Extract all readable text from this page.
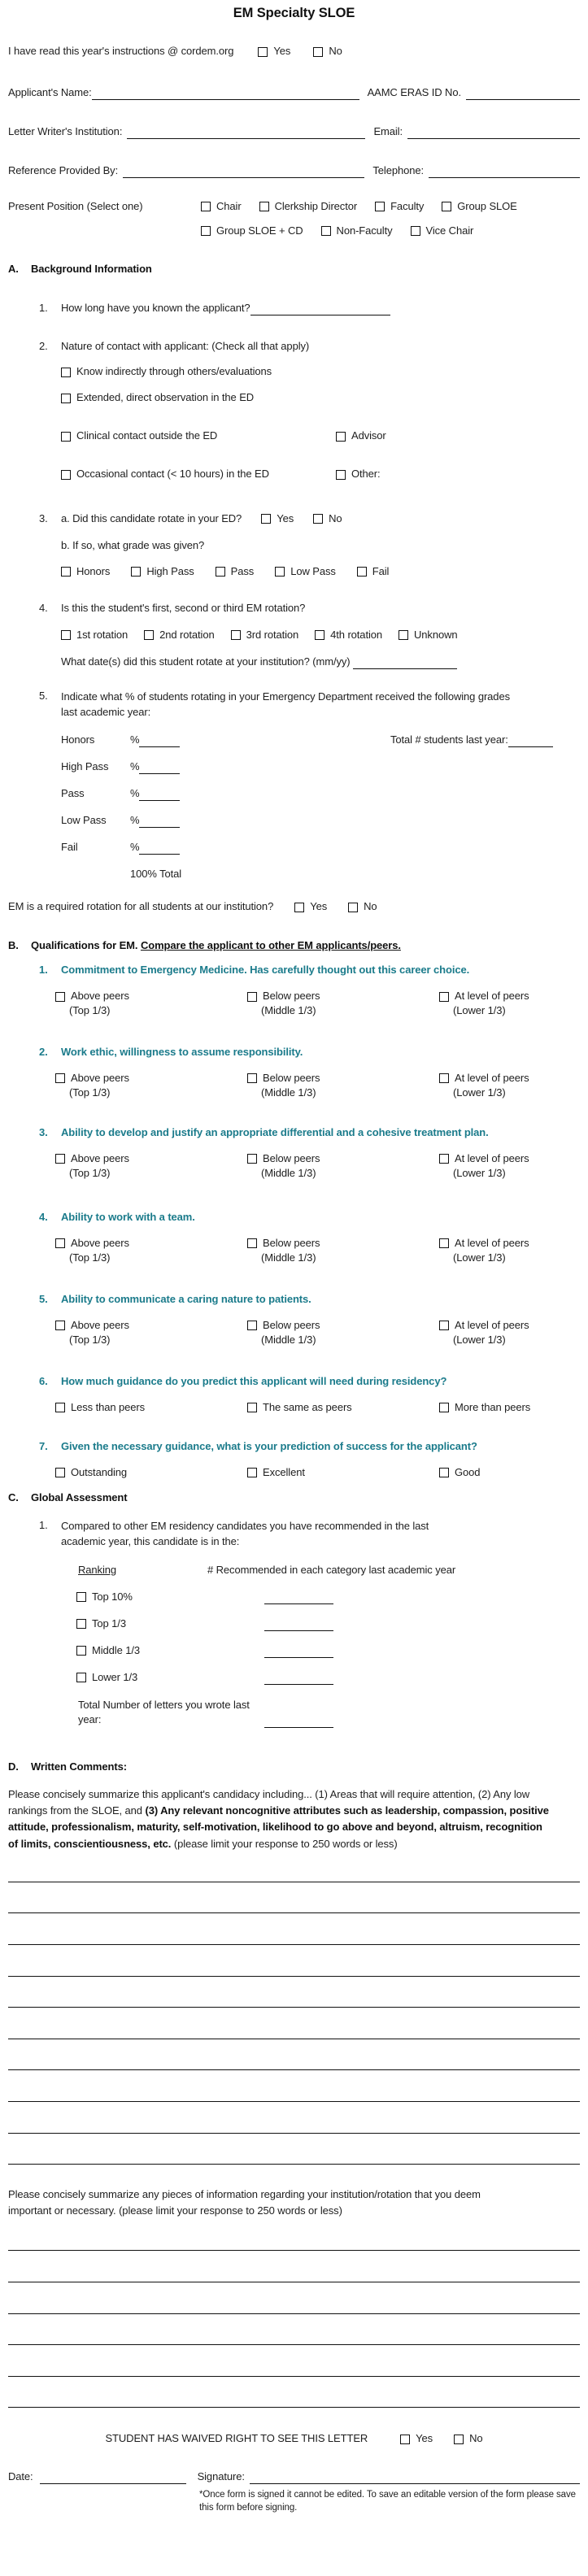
EM Specialty SLOE
I have read this year's instructions @ cordem.org	Yes	No
Applicant's Name:	AAMC ERAS ID No.
Letter Writer's Institution:	Email:
Reference Provided By:	Telephone:
Present Position (Select one)	Chair	Clerkship Director	Faculty	Group SLOE
Group SLOE + CD	Non-Faculty	Vice Chair
A.	Background Information
1.	How long have you known the applicant?
2.	Nature of contact with applicant: (Check all that apply)
Know indirectly through others/evaluations
Extended, direct observation in the ED
Clinical contact outside the ED	Advisor
Occasional contact (< 10 hours) in the ED	Other:
3.	a. Did this candidate rotate in your ED?	Yes	No
b. If so, what grade was given?
Honors	High Pass	Pass	Low Pass	Fail
4.	Is this the student's first, second or third EM rotation?
1st rotation	2nd rotation	3rd rotation	4th rotation	Unknown
What date(s) did this student rotate at your institution? (mm/yy)
5.	Indicate what % of students rotating in your Emergency Department received the following grades last academic year:
Total # students last year:
Honors	%
High Pass	%
Pass	%
Low Pass	%
Fail	%
100% Total
EM is a required rotation for all students at our institution?	Yes	No
B.	Qualifications for EM. Compare the applicant to other EM applicants/peers.
1.	Commitment to Emergency Medicine. Has carefully thought out this career choice.
Above peers
(Top 1/3)
Below peers
(Middle 1/3)
At level of peers
(Lower 1/3)
2.	Work ethic, willingness to assume responsibility.
Above peers
(Top 1/3)
Below peers
(Middle 1/3)
At level of peers
(Lower 1/3)
3.	Ability to develop and justify an appropriate differential and a cohesive treatment plan.
Above peers
(Top 1/3)
Below peers
(Middle 1/3)
At level of peers
(Lower 1/3)
4.	Ability to work with a team.
Above peers
(Top 1/3)
Below peers
(Middle 1/3)
At level of peers
(Lower 1/3)
5.	Ability to communicate a caring nature to patients.
Above peers
(Top 1/3)
Below peers
(Middle 1/3)
At level of peers
(Lower 1/3)
6.	How much guidance do you predict this applicant will need during residency?
Less than peers	The same as peers	More than peers
7.	Given the necessary guidance, what is your prediction of success for the applicant?
Outstanding	Excellent	Good
C.	Global Assessment
1.	Compared to other EM residency candidates you have recommended in the last academic year, this candidate is in the:
Ranking	# Recommended in each category last academic year
Top 10%
Top 1/3
Middle 1/3
Lower 1/3
Total Number of letters you wrote last year:
D.	Written Comments:

Please concisely summarize this applicant's candidacy including... (1) Areas that will require attention, (2) Any low rankings from the SLOE, and (3) Any relevant noncognitive attributes such as leadership, compassion, positive attitude, professionalism, maturity, self-motivation, likelihood to go above and beyond, altruism, recognition of limits, conscientiousness, etc. (please limit your response to 250 words or less)

Please concisely summarize any pieces of information regarding your institution/rotation that you deem important or necessary. (please limit your response to 250 words or less)

STUDENT HAS WAIVED RIGHT TO SEE THIS LETTER	Yes	No
Date:	Signature:
*Once form is signed it cannot be edited. To save an editable version of the form please save this form before signing.
